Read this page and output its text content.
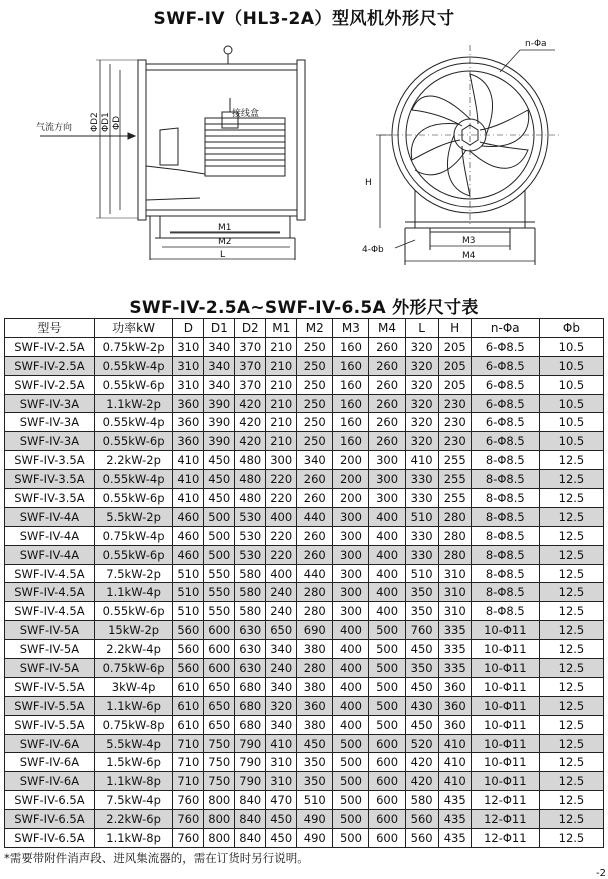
SWF-IV（HL3-2A）型风机外形尺寸
气流方向
接线盒
ΦD2 ΦD1 ΦD
M1
M2
L
H
M3
M4
n-Φa
4-Φb
SWF-IV-2.5A~SWF-IV-6.5A 外形尺寸表
型号	功率kW	D	D1	D2	M1	M2	M3	M4	L	H	n-Φa	Φb
SWF-IV-2.5A	0.75kW-2p	310	340	370	210	250	160	260	320	205	6-Φ8.5	10.5
SWF-IV-2.5A	0.55kW-4p	310	340	370	210	250	160	260	320	205	6-Φ8.5	10.5
SWF-IV-2.5A	0.55kW-6p	310	340	370	210	250	160	260	320	205	6-Φ8.5	10.5
SWF-IV-3A	1.1kW-2p	360	390	420	210	250	160	260	320	230	6-Φ8.5	10.5
SWF-IV-3A	0.55kW-4p	360	390	420	210	250	160	260	320	230	6-Φ8.5	10.5
SWF-IV-3A	0.55kW-6p	360	390	420	210	250	160	260	320	230	6-Φ8.5	10.5
SWF-IV-3.5A	2.2kW-2p	410	450	480	300	340	200	300	410	255	8-Φ8.5	12.5
SWF-IV-3.5A	0.55kW-4p	410	450	480	220	260	200	300	330	255	8-Φ8.5	12.5
SWF-IV-3.5A	0.55kW-6p	410	450	480	220	260	200	300	330	255	8-Φ8.5	12.5
SWF-IV-4A	5.5kW-2p	460	500	530	400	440	300	400	510	280	8-Φ8.5	12.5
SWF-IV-4A	0.75kW-4p	460	500	530	220	260	300	400	330	280	8-Φ8.5	12.5
SWF-IV-4A	0.55kW-6p	460	500	530	220	260	300	400	330	280	8-Φ8.5	12.5
SWF-IV-4.5A	7.5kW-2p	510	550	580	400	440	300	400	510	310	8-Φ8.5	12.5
SWF-IV-4.5A	1.1kW-4p	510	550	580	240	280	300	400	350	310	8-Φ8.5	12.5
SWF-IV-4.5A	0.55kW-6p	510	550	580	240	280	300	400	350	310	8-Φ8.5	12.5
SWF-IV-5A	15kW-2p	560	600	630	650	690	400	500	760	335	10-Φ11	12.5
SWF-IV-5A	2.2kW-4p	560	600	630	340	380	400	500	450	335	10-Φ11	12.5
SWF-IV-5A	0.75kW-6p	560	600	630	240	280	400	500	350	335	10-Φ11	12.5
SWF-IV-5.5A	3kW-4p	610	650	680	340	380	400	500	450	360	10-Φ11	12.5
SWF-IV-5.5A	1.1kW-6p	610	650	680	320	360	400	500	430	360	10-Φ11	12.5
SWF-IV-5.5A	0.75kW-8p	610	650	680	340	380	400	500	450	360	10-Φ11	12.5
SWF-IV-6A	5.5kW-4p	710	750	790	410	450	500	600	520	410	10-Φ11	12.5
SWF-IV-6A	1.5kW-6p	710	750	790	310	350	500	600	420	410	10-Φ11	12.5
SWF-IV-6A	1.1kW-8p	710	750	790	310	350	500	600	420	410	10-Φ11	12.5
SWF-IV-6.5A	7.5kW-4p	760	800	840	470	510	500	600	580	435	12-Φ11	12.5
SWF-IV-6.5A	2.2kW-6p	760	800	840	450	490	500	600	560	435	12-Φ11	12.5
SWF-IV-6.5A	1.1kW-8p	760	800	840	450	490	500	600	560	435	12-Φ11	12.5
*需要带附件消声段、进风集流器的，需在订货时另行说明。
-2
